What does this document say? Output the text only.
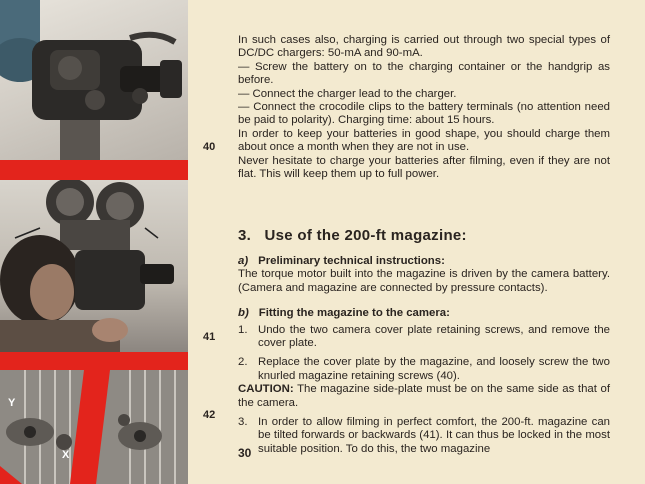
Y
X
40
41
42

In such cases also, charging is carried out through two special types of DC/DC chargers: 50-mA and 90-mA.

— Screw the battery on to the charging container or the handgrip as before.

— Connect the charger lead to the charger.

— Connect the crocodile clips to the battery terminals (no attention need be paid to polarity). Charging time: about 15 hours.

In order to keep your batteries in good shape, you should charge them about once a month when they are not in use.

Never hesitate to charge your batteries after filming, even if they are not flat. This will keep them up to full power.

3. Use of the 200-ft magazine:
a) Preliminary technical instructions:

The torque motor built into the magazine is driven by the camera battery. (Camera and magazine are connected by pressure contacts).

b) Fitting the magazine to the camera:
1. Undo the two camera cover plate retaining screws, and remove the cover plate.
2. Replace the cover plate by the magazine, and loosely screw the two knurled magazine retaining screws (40).

CAUTION: The magazine side-plate must be on the same side as that of the camera.

3. In order to allow filming in perfect comfort, the 200-ft. magazine can be tilted forwards or backwards (41). It can thus be locked in the most suitable position. To do this, the two magazine
30
